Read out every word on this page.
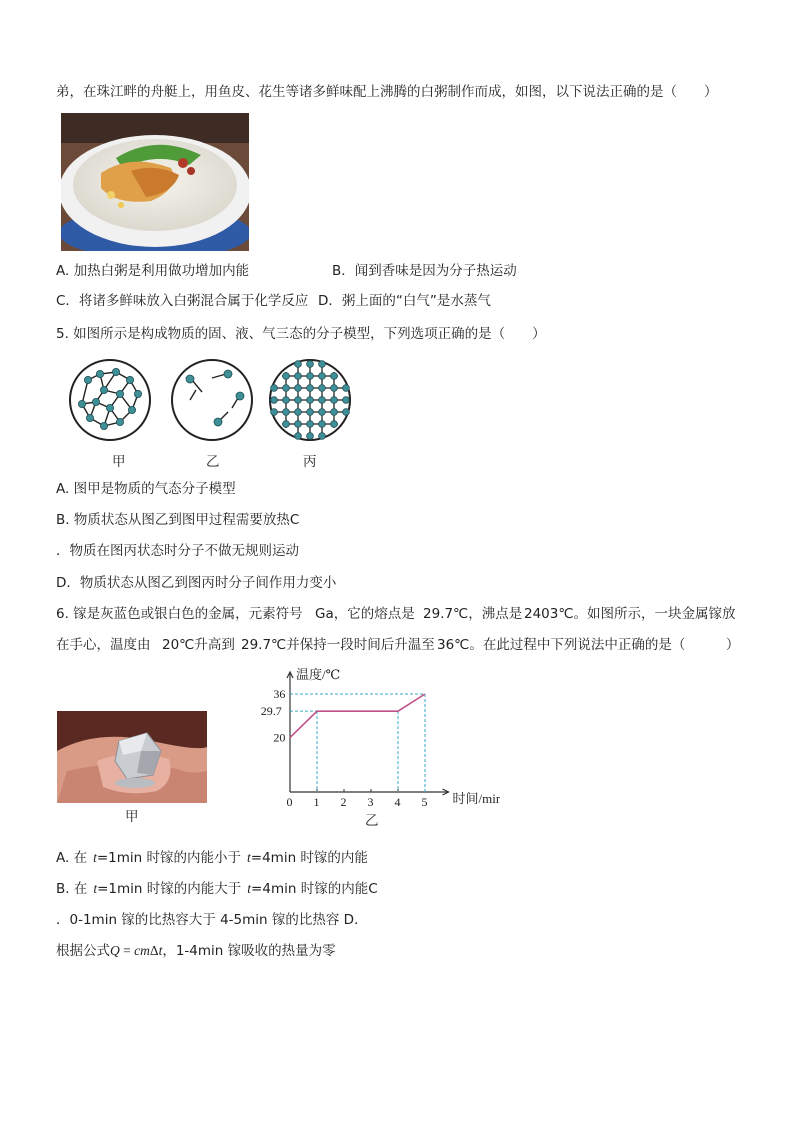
弟，在珠江畔的舟艇上，用鱼皮、花生等诸多鲜味配上沸腾的白粥制作而成，如图，以下说法正确的是（　　）
A. 加热白粥是利用做功增加内能	B．闻到香味是因为分子热运动
C．将诸多鲜味放入白粥混合属于化学反应 D．粥上面的“白气”是水蒸气
5. 如图所示是构成物质的固、液、气三态的分子模型，下列选项正确的是（　　）
甲	乙	丙
A. 图甲是物质的气态分子模型
B. 物质状态从图乙到图甲过程需要放热C
．物质在图丙状态时分子不做无规则运动
D．物质状态从图乙到图丙时分子间作用力变小
6. 镓是灰蓝色或银白色的金属，元素符号 Ga，它的熔点是 29.7℃，沸点是 2403℃。如图所示，一块金属镓放
在手心，温度由 20℃升高到 29.7℃并保持一段时间后升温至 36℃。在此过程中下列说法中正确的是（　　　）
甲
温度/℃
时间/min
0 1 2 3 4 5
20
29.7
36
乙
A. 在 t=1min 时镓的内能小于 t=4min 时镓的内能
B. 在 t=1min 时镓的内能大于 t=4min 时镓的内能C
．0-1min 镓的比热容大于 4-5min 镓的比热容 D．
根据公式Q = cmΔt，1-4min 镓吸收的热量为零
